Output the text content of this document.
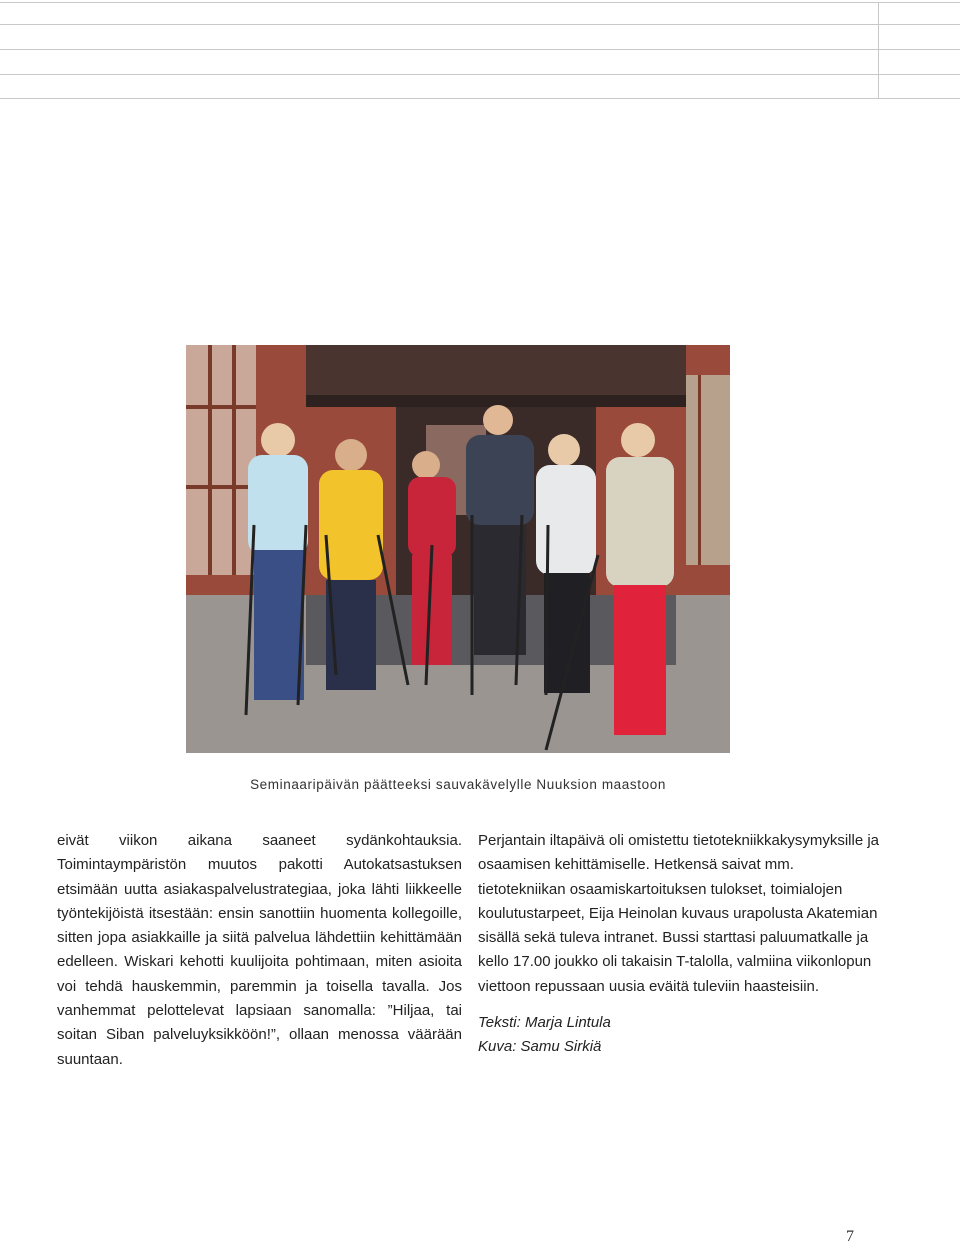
Seminaaripäivän päätteeksi sauvakävelylle Nuuksion maastoon

eivät viikon aikana saaneet sydänkohtauksia. Toimintaympäristön muutos pakotti Autokatsastuksen etsimään uutta asiakaspalvelustrategiaa, joka lähti liikkeelle työntekijöistä itsestään: ensin sanottiin huomenta kollegoille, sitten jopa asiakkaille ja siitä palvelua lähdettiin kehittämään edelleen. Wiskari kehotti kuulijoita pohtimaan, miten asioita voi tehdä hauskemmin, paremmin ja toisella tavalla. Jos vanhemmat pelottelevat lapsiaan sanomalla: ”Hiljaa, tai soitan Siban palveluyksikköön!”, ollaan menossa väärään suuntaan.

Perjantain iltapäivä oli omistettu tietotekniikkakysymyksille ja osaamisen kehittämiselle. Hetkensä saivat mm. tietotekniikan osaamiskartoituksen tulokset, toimialojen koulutustarpeet, Eija Heinolan kuvaus urapolusta Akatemian sisällä sekä tuleva intranet. Bussi starttasi paluumatkalle ja kello 17.00 joukko oli takaisin T-talolla, valmiina viikonlopun viettoon repussaan uusia eväitä tuleviin haasteisiin.

Teksti: Marja Lintula
Kuva: Samu Sirkiä

7
